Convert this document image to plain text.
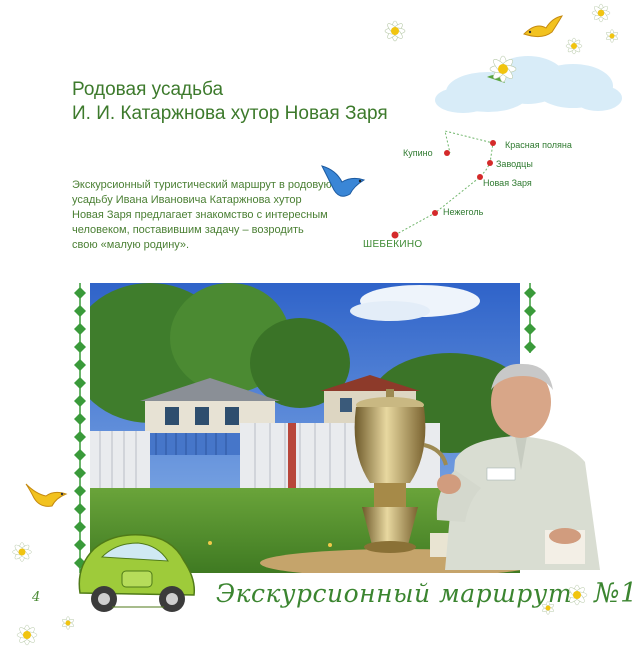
Родовая усадьба
И. И. Катаржнова хутор Новая Заря

Экскурсионный туристический маршрут в родовую усадьбу Ивана Ивановича Катаржнова хутор Новая Заря предлагает знакомство с интересным человеком, поставившим задачу – возродить свою «малую родину».	ШЕБЕКИНО
Нежеголь
Новая Заря
Заводцы
Красная поляна
Купино
4	Экскурсионный маршрут №1
